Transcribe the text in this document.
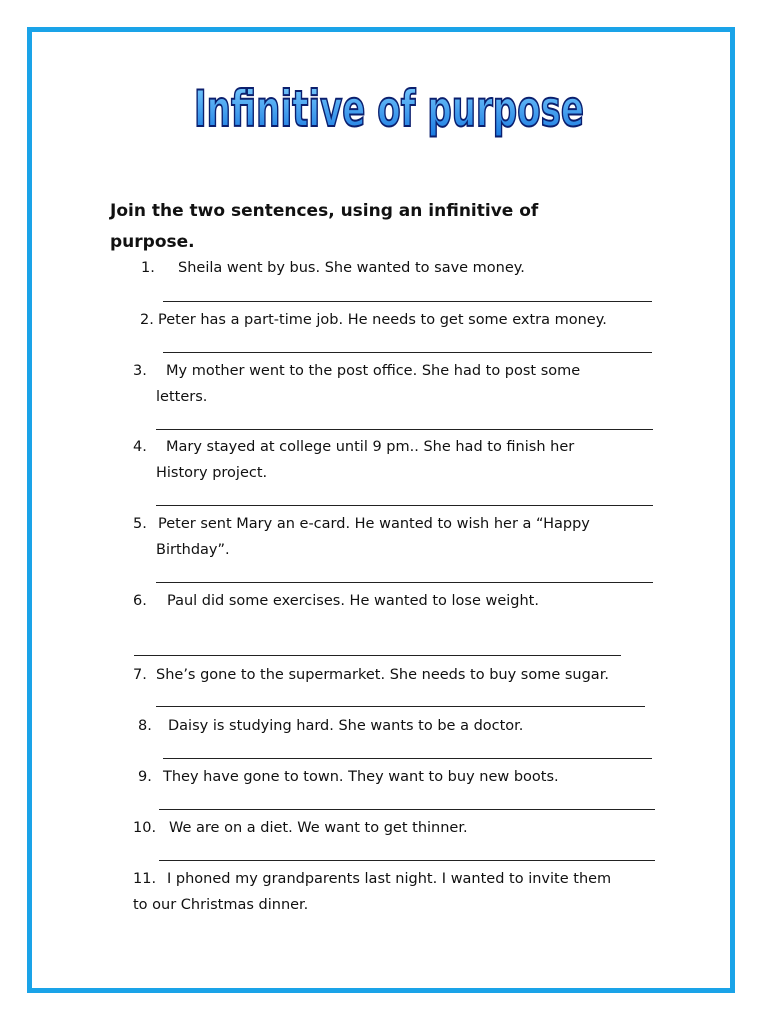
Infinitive of purpose
Join the two sentences, using an infinitive of
purpose.
1. Sheila went by bus. She wanted to save money.
2. Peter has a part-time job. He needs to get some extra money.
3. My mother went to the post office. She had to post some
letters.
4. Mary stayed at college until 9 pm.. She had to finish her
History project.
5. Peter sent Mary an e-card. He wanted to wish her a “Happy
Birthday”.
6. Paul did some exercises. He wanted to lose weight.
7. She’s gone to the supermarket. She needs to buy some sugar.
8. Daisy is studying hard. She wants to be a doctor.
9. They have gone to town. They want to buy new boots.
10. We are on a diet. We want to get thinner.
11. I phoned my grandparents last night. I wanted to invite them
to our Christmas dinner.
